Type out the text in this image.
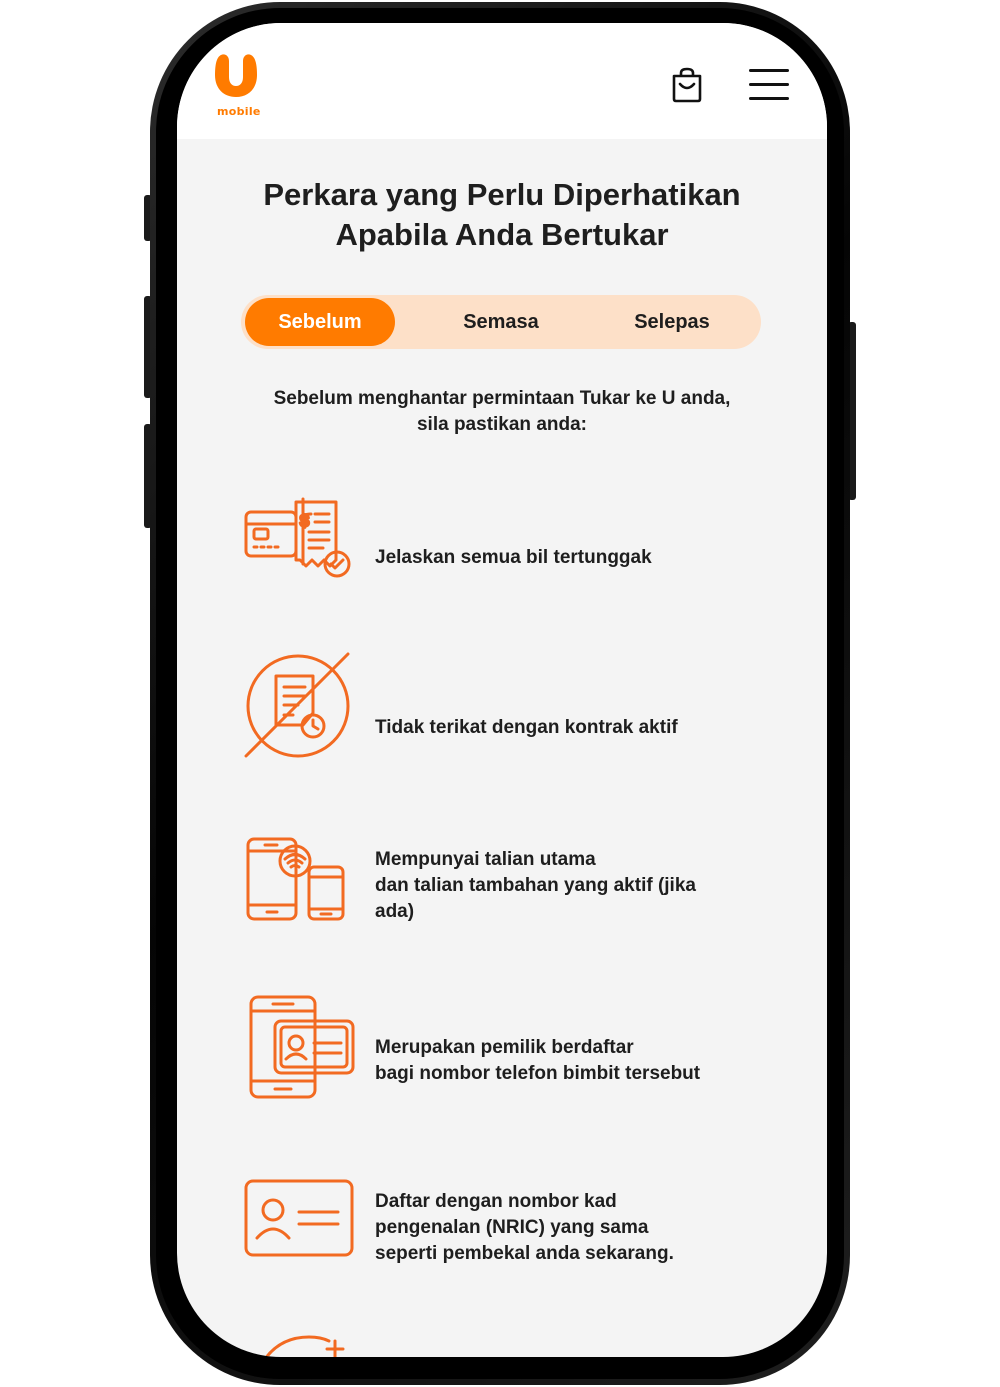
mobile
Perkara yang Perlu Diperhatikan
Apabila Anda Bertukar
Sebelum	Semasa	Selepas
Sebelum menghantar permintaan Tukar ke U anda,
sila pastikan anda:
$
Jelaskan semua bil tertunggak
Tidak terikat dengan kontrak aktif
Mempunyai talian utama
dan talian tambahan yang aktif (jika
ada)
Merupakan pemilik berdaftar
bagi nombor telefon bimbit tersebut
Daftar dengan nombor kad
pengenalan (NRIC) yang sama
seperti pembekal anda sekarang.
